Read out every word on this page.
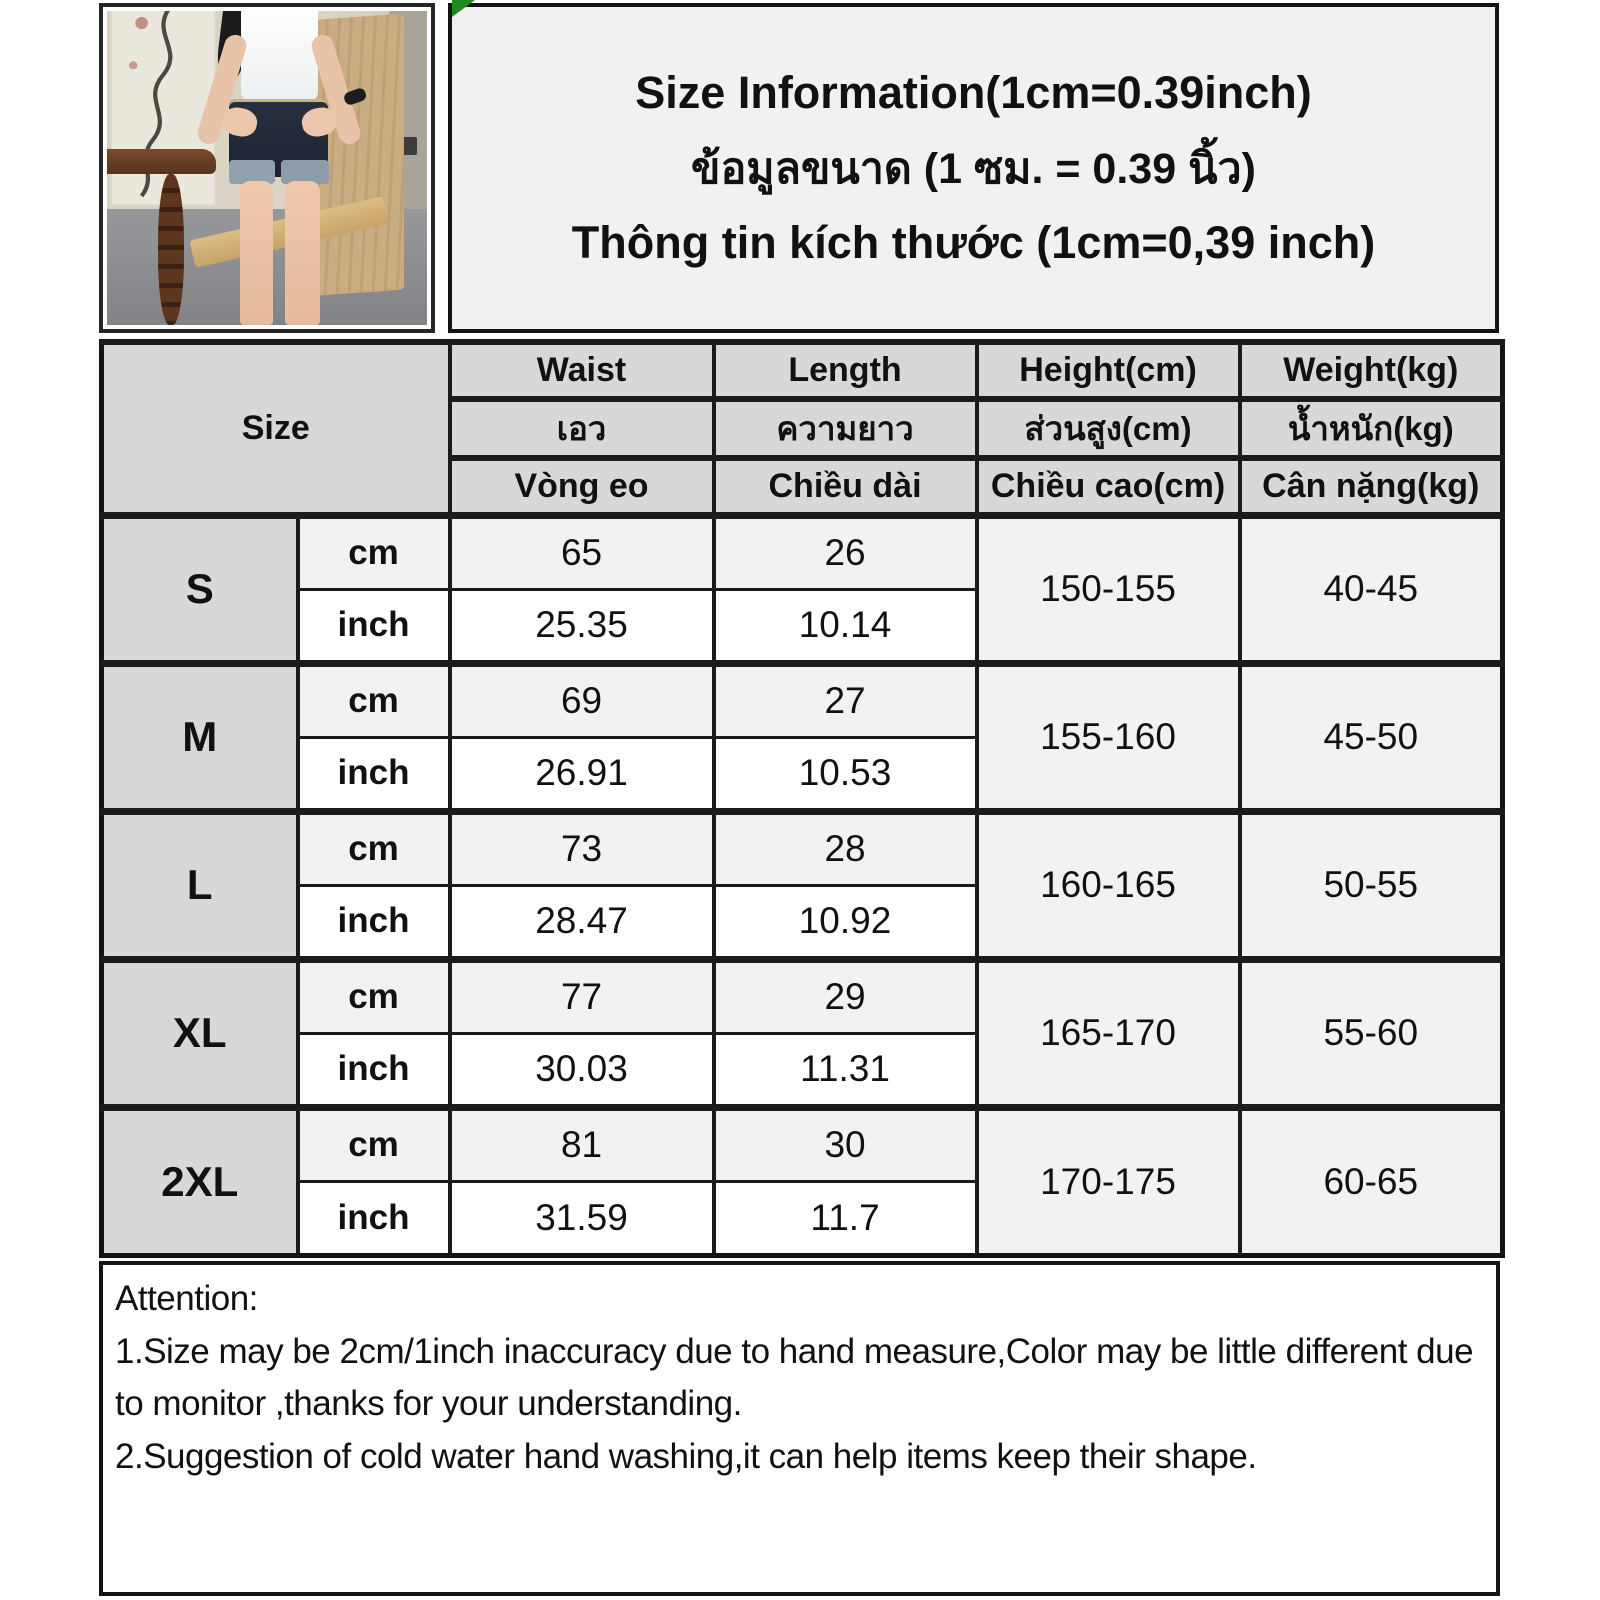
Size Information(1cm=0.39inch)
ข้อมูลขนาด (1 ซม. = 0.39 นิ้ว)
Thông tin kích thước (1cm=0,39 inch)
Size		Waist	Length	Height(cm)	Weight(kg)
		เอว	ความยาว	ส่วนสูง(cm)	น้ำหนัก(kg)
		Vòng eo	Chiều dài	Chiều cao(cm)	Cân nặng(kg)
S	cm	65	26	150-155	40-45
	inch	25.35	10.14		
M	cm	69	27	155-160	45-50
	inch	26.91	10.53		
L	cm	73	28	160-165	50-55
	inch	28.47	10.92		
XL	cm	77	29	165-170	55-60
	inch	30.03	11.31		
2XL	cm	81	30	170-175	60-65
	inch	31.59	11.7		
Attention:
1.Size may be 2cm/1inch inaccuracy due to hand measure,Color may be little different due to monitor ,thanks for your understanding.
2.Suggestion of cold water hand washing,it can help items keep their shape.
